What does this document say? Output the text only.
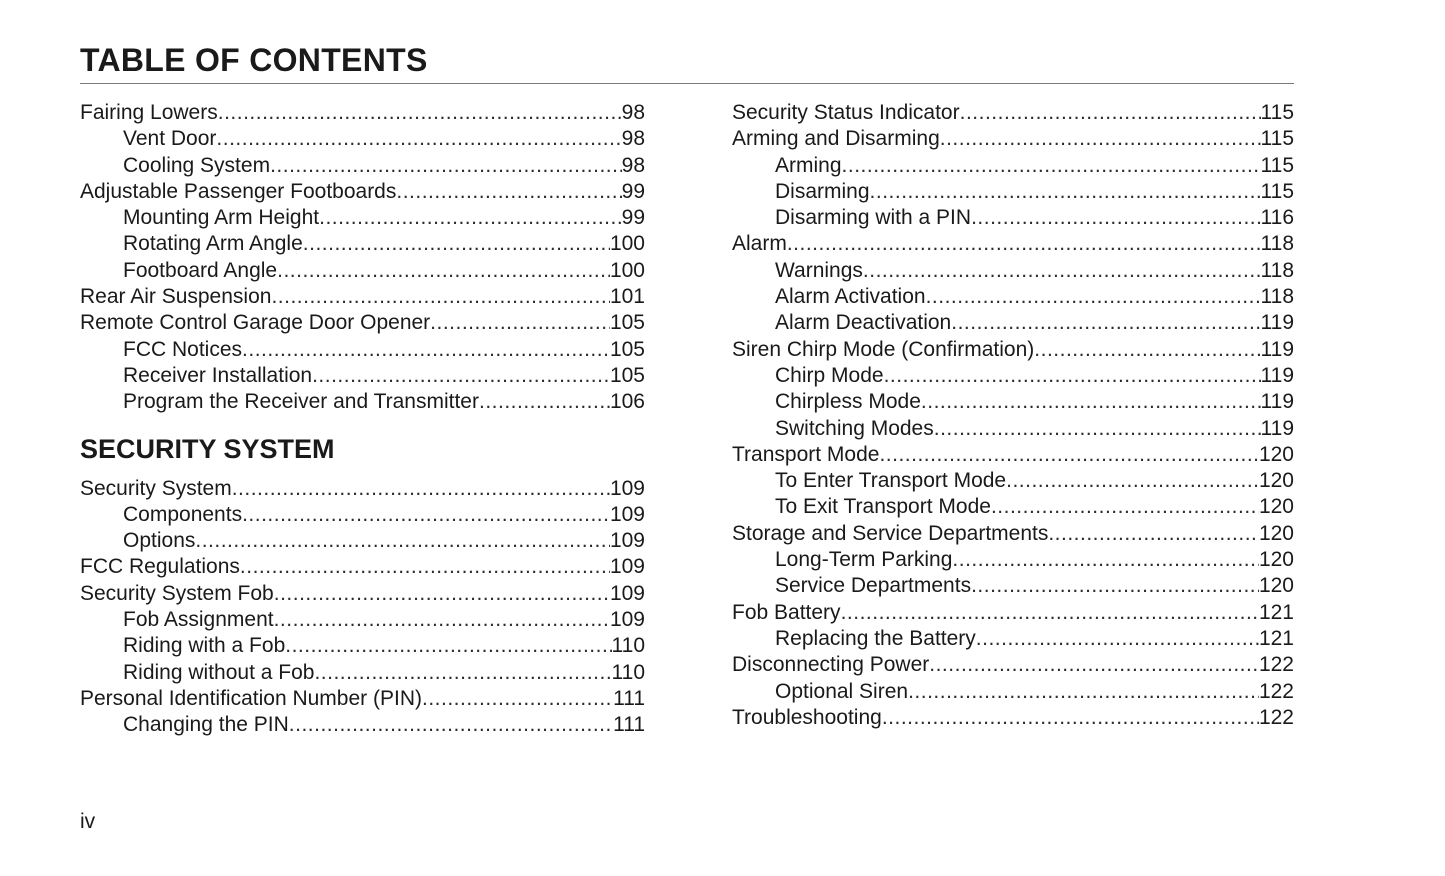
TABLE OF CONTENTS
Fairing Lowers .....	98
Vent Door .....	98
Cooling System .....	98
Adjustable Passenger Footboards .....	99
Mounting Arm Height .....	99
Rotating Arm Angle .....	100
Footboard Angle .....	100
Rear Air Suspension .....	101
Remote Control Garage Door Opener .....	105
FCC Notices .....	105
Receiver Installation .....	105
Program the Receiver and Transmitter .....	106
SECURITY SYSTEM
Security System .....	109
Components .....	109
Options .....	109
FCC Regulations .....	109
Security System Fob .....	109
Fob Assignment .....	109
Riding with a Fob .....	110
Riding without a Fob .....	110
Personal Identification Number (PIN) .....	111
Changing the PIN .....	111
Security Status Indicator .....	115
Arming and Disarming .....	115
Arming .....	115
Disarming .....	115
Disarming with a PIN .....	116
Alarm .....	118
Warnings .....	118
Alarm Activation .....	118
Alarm Deactivation .....	119
Siren Chirp Mode (Confirmation) .....	119
Chirp Mode .....	119
Chirpless Mode .....	119
Switching Modes .....	119
Transport Mode .....	120
To Enter Transport Mode .....	120
To Exit Transport Mode .....	120
Storage and Service Departments .....	120
Long-Term Parking .....	120
Service Departments .....	120
Fob Battery .....	121
Replacing the Battery .....	121
Disconnecting Power .....	122
Optional Siren .....	122
Troubleshooting .....	122
iv
